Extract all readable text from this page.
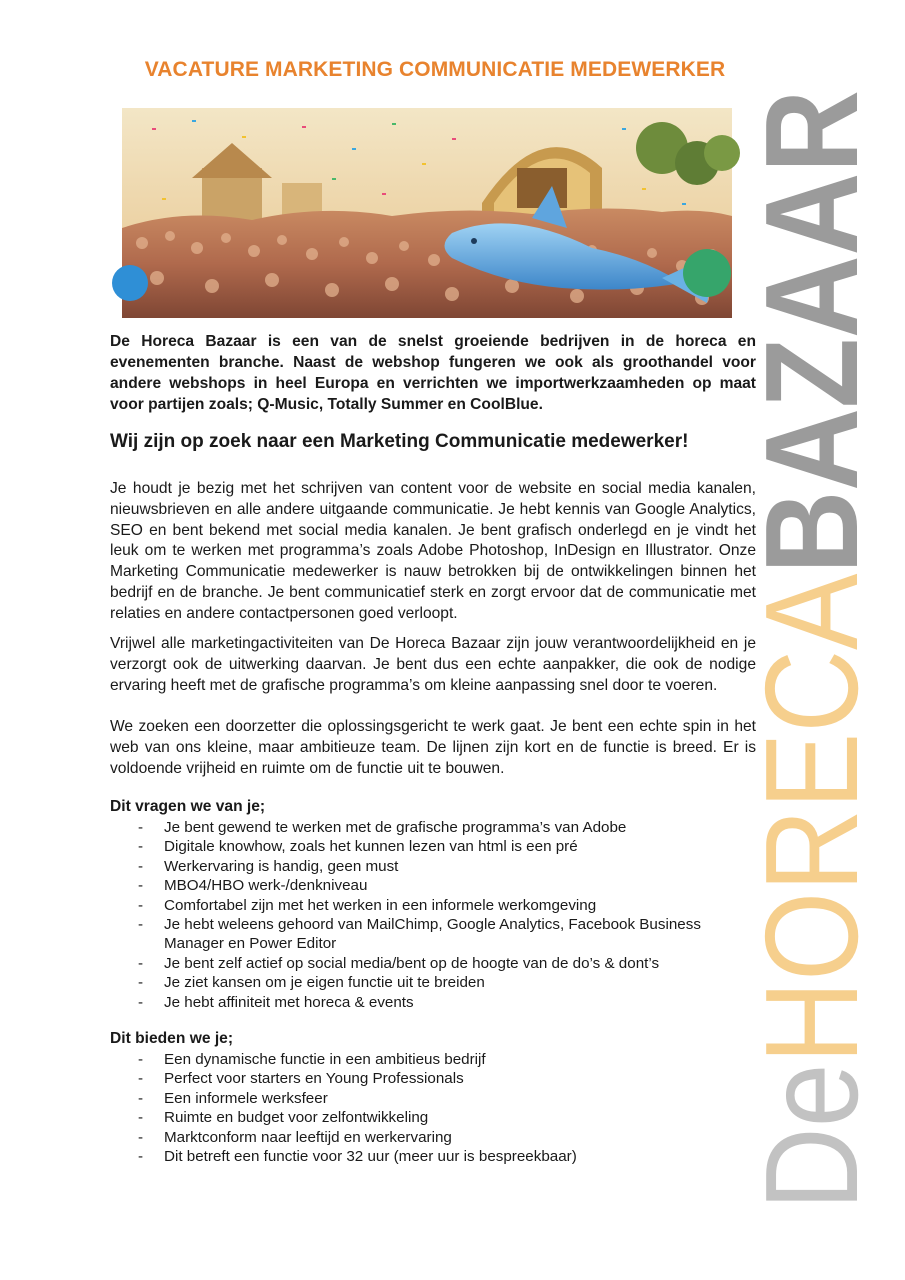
VACATURE MARKETING COMMUNICATIE MEDEWERKER

De Horeca Bazaar is een van de snelst groeiende bedrijven in de horeca en evenementen branche. Naast de webshop fungeren we ook als groothandel voor andere webshops in heel Europa en verrichten we importwerkzaamheden op maat voor partijen zoals; Q-Music, Totally Summer en CoolBlue.

Wij zijn op zoek naar een Marketing Communicatie medewerker!

Je houdt je bezig met het schrijven van content voor de website en social media kanalen, nieuwsbrieven en alle andere uitgaande communicatie. Je hebt kennis van Google Analytics, SEO en bent bekend met social media kanalen. Je bent grafisch onderlegd en je vindt het leuk om te werken met programma’s zoals Adobe Photoshop, InDesign en Illustrator. Onze Marketing Communicatie medewerker is nauw betrokken bij de ontwikkelingen binnen het bedrijf en de branche. Je bent communicatief sterk en zorgt ervoor dat de communicatie met relaties en andere contactpersonen goed verloopt.

Vrijwel alle marketingactiviteiten van De Horeca Bazaar zijn jouw verantwoordelijkheid en je verzorgt ook de uitwerking daarvan. Je bent dus een echte aanpakker, die ook de nodige ervaring heeft met de grafische programma’s om kleine aanpassing snel door te voeren.

We zoeken een doorzetter die oplossingsgericht te werk gaat. Je bent een echte spin in het web van ons kleine, maar ambitieuze team. De lijnen zijn kort en de functie is breed. Er is voldoende vrijheid en ruimte om de functie uit te bouwen.

Dit vragen we van je;
- Je bent gewend te werken met de grafische programma’s van Adobe
- Digitale knowhow, zoals het kunnen lezen van html is een pré
- Werkervaring is handig, geen must
- MBO4/HBO werk-/denkniveau
- Comfortabel zijn met het werken in een informele werkomgeving
- Je hebt weleens gehoord van MailChimp, Google Analytics, Facebook Business Manager en Power Editor
- Je bent zelf actief op social media/bent op de hoogte van de do’s & dont’s
- Je ziet kansen om je eigen functie uit te breiden
- Je hebt affiniteit met horeca & events
Dit bieden we je;
- Een dynamische functie in een ambitieus bedrijf
- Perfect voor starters en Young Professionals
- Een informele werksfeer
- Ruimte en budget voor zelfontwikkeling
- Marktconform naar leeftijd en werkervaring
- Dit betreft een functie voor 32 uur (meer uur is bespreekbaar)	DeHORECABAZAAR
